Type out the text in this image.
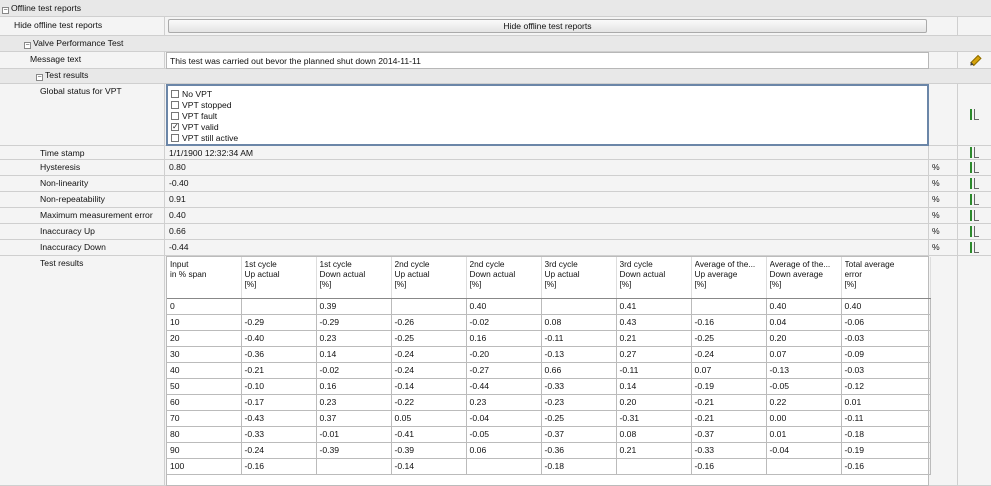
− Offline test reports
Hide offline test reports	Hide offline test reports
− Valve Performance Test
Message text	This test was carried out bevor the planned shut down 2014-11-11
− Test results
Global status for VPT	No VPT
VPT stopped
VPT fault
✓ VPT valid
VPT still active
Time stamp	1/1/1900 12:32:34 AM
Hysteresis	0.80	%
Non-linearity	-0.40	%
Non-repeatability	0.91	%
Maximum measurement error	0.40	%
Inaccuracy Up	0.66	%
Inaccuracy Down	-0.44	%
Test results	Input
in % span	1st cycle
Up actual
[%]	1st cycle
Down actual
[%]	2nd cycle
Up actual
[%]	2nd cycle
Down actual
[%]	3rd cycle
Up actual
[%]	3rd cycle
Down actual
[%]	Average of the...
Up average
[%]	Average of the...
Down average
[%]	Total average
error
[%]

0		0.39		0.40		0.41		0.40	0.40
10	-0.29	-0.29	-0.26	-0.02	0.08	0.43	-0.16	0.04	-0.06
20	-0.40	0.23	-0.25	0.16	-0.11	0.21	-0.25	0.20	-0.03
30	-0.36	0.14	-0.24	-0.20	-0.13	0.27	-0.24	0.07	-0.09
40	-0.21	-0.02	-0.24	-0.27	0.66	-0.11	0.07	-0.13	-0.03
50	-0.10	0.16	-0.14	-0.44	-0.33	0.14	-0.19	-0.05	-0.12
60	-0.17	0.23	-0.22	0.23	-0.23	0.20	-0.21	0.22	0.01
70	-0.43	0.37	0.05	-0.04	-0.25	-0.31	-0.21	0.00	-0.11
80	-0.33	-0.01	-0.41	-0.05	-0.37	0.08	-0.37	0.01	-0.18
90	-0.24	-0.39	-0.39	0.06	-0.36	0.21	-0.33	-0.04	-0.19
100	-0.16		-0.14		-0.18		-0.16		-0.16
